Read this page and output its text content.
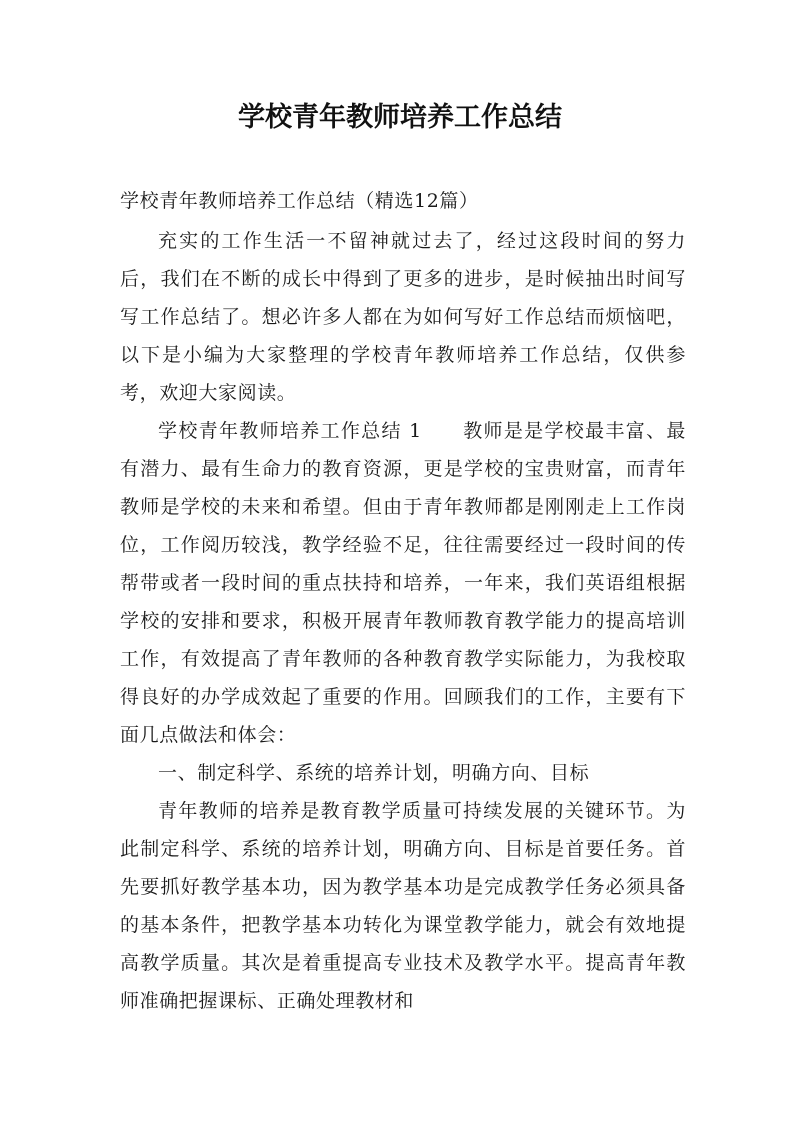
学校青年教师培养工作总结

学校青年教师培养工作总结（精选12篇）

充实的工作生活一不留神就过去了，经过这段时间的努力后，我们在不断的成长中得到了更多的进步，是时候抽出时间写写工作总结了。想必许多人都在为如何写好工作总结而烦恼吧，以下是小编为大家整理的学校青年教师培养工作总结，仅供参考，欢迎大家阅读。

学校青年教师培养工作总结 1　　教师是是学校最丰富、最有潜力、最有生命力的教育资源，更是学校的宝贵财富，而青年教师是学校的未来和希望。但由于青年教师都是刚刚走上工作岗位，工作阅历较浅，教学经验不足，往往需要经过一段时间的传帮带或者一段时间的重点扶持和培养，一年来，我们英语组根据学校的安排和要求，积极开展青年教师教育教学能力的提高培训工作，有效提高了青年教师的各种教育教学实际能力，为我校取得良好的办学成效起了重要的作用。回顾我们的工作，主要有下面几点做法和体会：

一、制定科学、系统的培养计划，明确方向、目标

青年教师的培养是教育教学质量可持续发展的关键环节。为此制定科学、系统的培养计划，明确方向、目标是首要任务。首先要抓好教学基本功，因为教学基本功是完成教学任务必须具备的基本条件，把教学基本功转化为课堂教学能力，就会有效地提高教学质量。其次是着重提高专业技术及教学水平。提高青年教师准确把握课标、正确处理教材和
